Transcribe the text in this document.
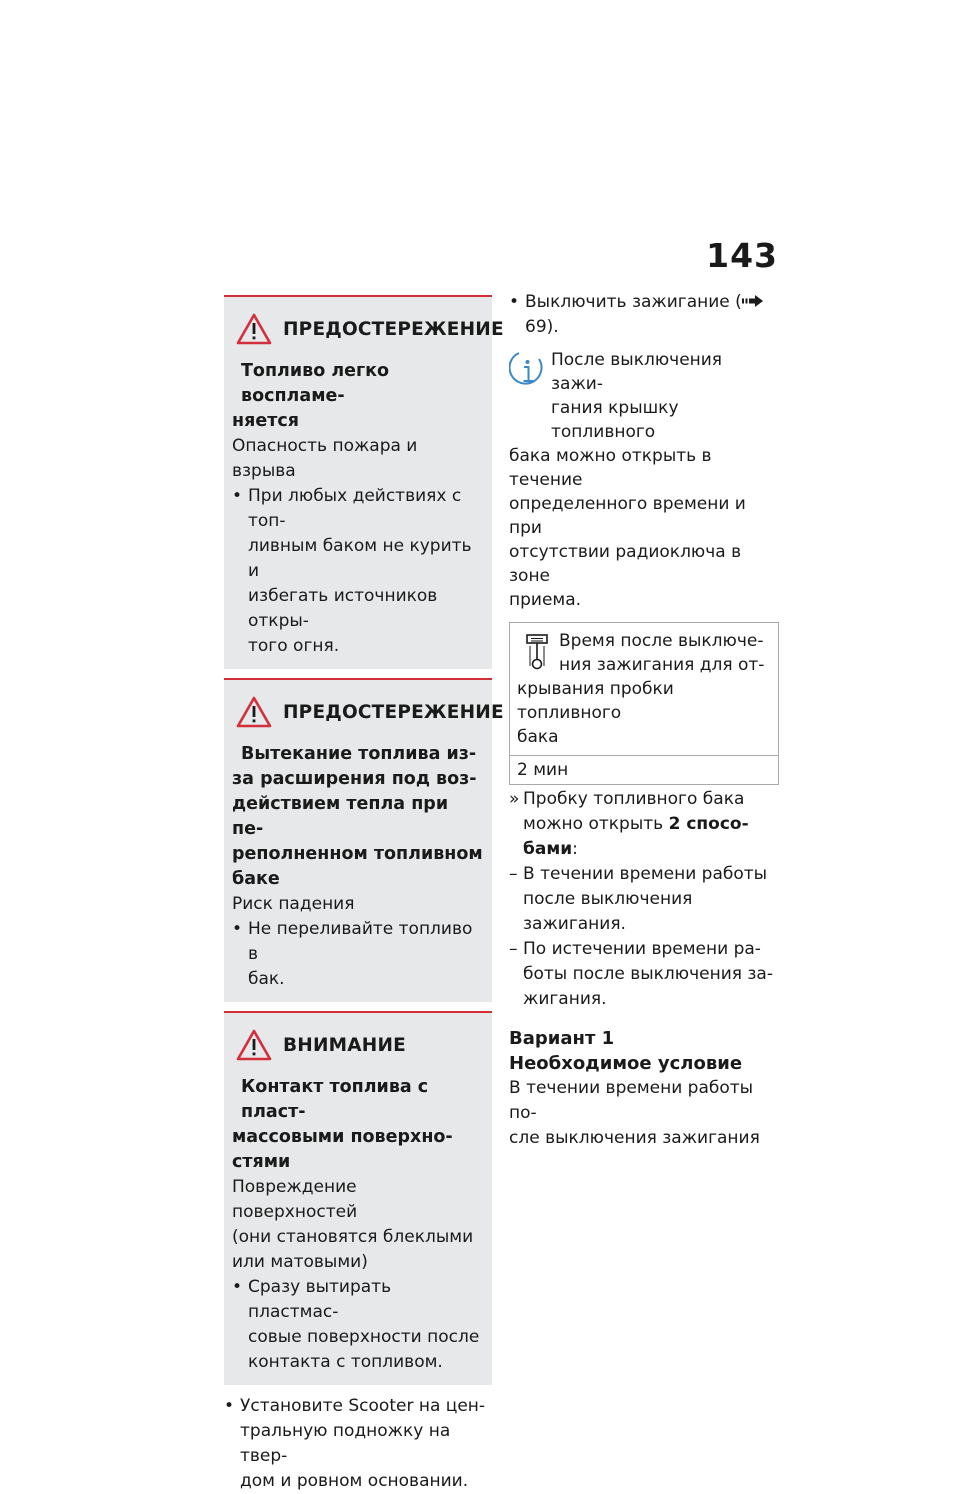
143
ПРЕДОСТЕРЕЖЕНИЕ
Топливо легко воспламе-
няется
Опасность пожара и взрыва
• При любых действиях с топ-
ливным баком не курить и
избегать источников откры-
того огня.
ПРЕДОСТЕРЕЖЕНИЕ
Вытекание топлива из-
за расширения под воз-
действием тепла при пе-
реполненном топливном
баке
Риск падения
• Не переливайте топливо в
бак.
ВНИМАНИЕ
Контакт топлива с пласт-
массовыми поверхно-
стями
Повреждение поверхностей
(они становятся блеклыми
или матовыми)
• Сразу вытирать пластмас-
совые поверхности после
контакта с топливом.
• Установите Scooter на цен-
тральную подножку на твер-
дом и ровном основании.
• Выключить зажигание (69).
После выключения зажи-
гания крышку топливного
бака можно открыть в течение
определенного времени и при
отсутствии радиоключа в зоне
приема.
Время после выключе-
ния зажигания для от-
крывания пробки топливного
бака
2 мин
» Пробку топливного бака
можно открыть 2 спосо-
бами:
– В течении времени работы
после выключения зажигания.
– По истечении времени ра-
боты после выключения за-
жигания.
Вариант 1
Необходимое условие
В течении времени работы по-
сле выключения зажигания
